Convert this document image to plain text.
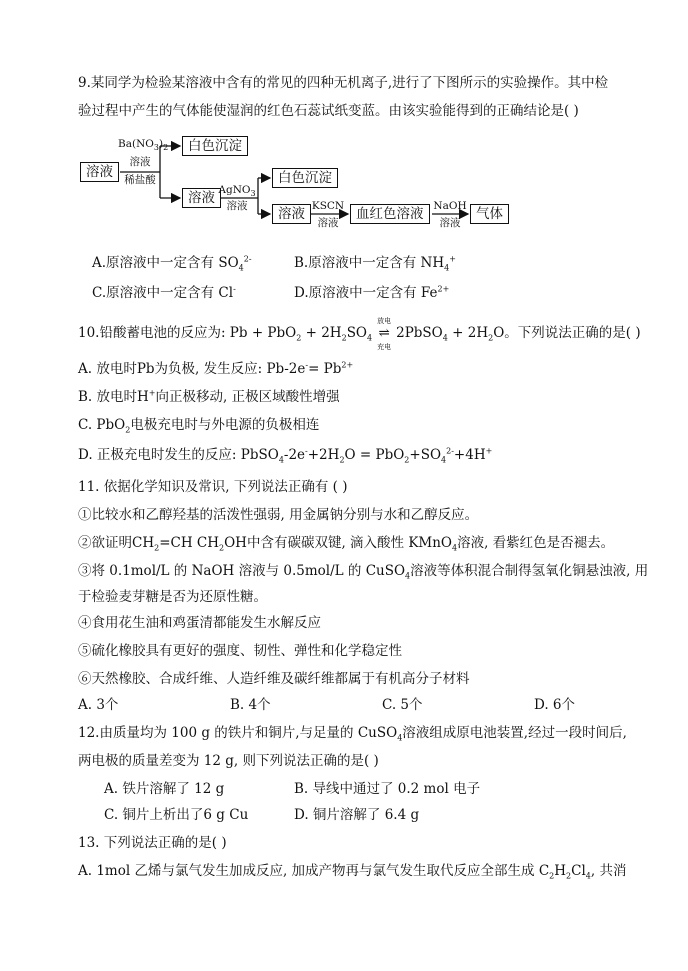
9.某同学为检验某溶液中含有的常见的四种无机离子,进行了下图所示的实验操作。其中检
验过程中产生的气体能使湿润的红色石蕊试纸变蓝。由该实验能得到的正确结论是( )
溶液
$Ba(NO_3)_2$
溶液
稀盐酸
白色沉淀
溶液 AgNO$_3$
溶液
白色沉淀
溶液 KSCN
溶液
血红色溶液 NaOH
溶液
气体
A.原溶液中一定含有 $SO_4^{2-}$	B.原溶液中一定含有 $NH_4^+$
C.原溶液中一定含有 Cl-	D.原溶液中一定含有 $Fe^{2+}$
10.铅酸蓄电池的反应为: $Pb + PbO_2 + 2H_2SO_4$
放电
⇌
充电
2PbSO$_4$ + $2H_2O$。下列说法正确的是( )
A. 放电时Pb为负极, 发生反应: $Pb-2e^-= Pb^{2+}$
B. 放电时H+向正极移动, 正极区域酸性增强
C. PbO$_2$电极充电时与外电源的负极相连
D. 正极充电时发生的反应: $PbSO_4-2e^-+2H_2O = PbO_2+SO_4^{2-}+4H^+$
11. 依据化学知识及常识, 下列说法正确有 ( )
①比较水和乙醇羟基的活泼性强弱, 用金属钠分别与水和乙醇反应。
②欲证明$CH_2=CH$ $CH_2OH$中含有碳碳双键, 滴入酸性 KMnO$_4$溶液, 看紫红色是否褪去。
③将 0.1mol/L 的 NaOH 溶液与 0.5mol/L 的 CuSO$_4$溶液等体积混合制得氢氧化铜悬浊液, 用
于检验麦芽糖是否为还原性糖。
④食用花生油和鸡蛋清都能发生水解反应
⑤硫化橡胶具有更好的强度、韧性、弹性和化学稳定性
⑥天然橡胶、合成纤维、人造纤维及碳纤维都属于有机高分子材料
A. 3个	B. 4个	C. 5个	D. 6个
12.由质量均为 100 g 的铁片和铜片,与足量的 CuSO$_4$溶液组成原电池装置,经过一段时间后,
两电极的质量差变为 12 g, 则下列说法正确的是( )
A. 铁片溶解了 12 g	B. 导线中通过了 0.2 mol 电子
C. 铜片上析出了6 g Cu	D. 铜片溶解了 6.4 g
13. 下列说法正确的是( )
A. 1mol 乙烯与氯气发生加成反应, 加成产物再与氯气发生取代反应全部生成 $C_2H_2Cl_4$, 共消
